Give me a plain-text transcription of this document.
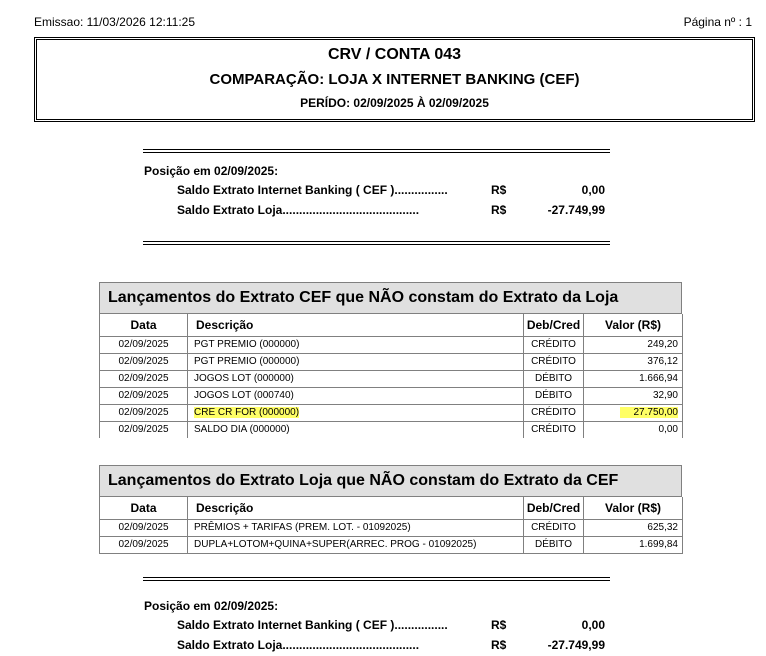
Emissao: 11/03/2026 12:11:25	Página nº : 1
CRV / CONTA 043
COMPARAÇÃO: LOJA X INTERNET BANKING (CEF)
PERÍDO: 02/09/2025 À 02/09/2025
Posição em 02/09/2025:
Saldo Extrato Internet Banking ( CEF )................	R$	0,00
Saldo Extrato Loja.........................................	R$	-27.749,99
Lançamentos do Extrato CEF que NÃO constam do Extrato da Loja
Data	Descrição	Deb/Cred	Valor (R$)
02/09/2025	PGT PREMIO (000000)	CRÉDITO	249,20
02/09/2025	PGT PREMIO (000000)	CRÉDITO	376,12
02/09/2025	JOGOS LOT (000000)	DÉBITO	1.666,94
02/09/2025	JOGOS LOT (000740)	DÉBITO	32,90
02/09/2025	CRE CR FOR (000000)	CRÉDITO	27.750,00
02/09/2025	SALDO DIA (000000)	CRÉDITO	0,00
Lançamentos do Extrato Loja que NÃO constam do Extrato da CEF
Data	Descrição	Deb/Cred	Valor (R$)
02/09/2025	PRÊMIOS + TARIFAS (PREM. LOT. - 01092025)	CRÉDITO	625,32
02/09/2025	DUPLA+LOTOM+QUINA+SUPER(ARREC. PROG - 01092025)	DÉBITO	1.699,84
Posição em 02/09/2025:
Saldo Extrato Internet Banking ( CEF )................	R$	0,00
Saldo Extrato Loja.........................................	R$	-27.749,99
